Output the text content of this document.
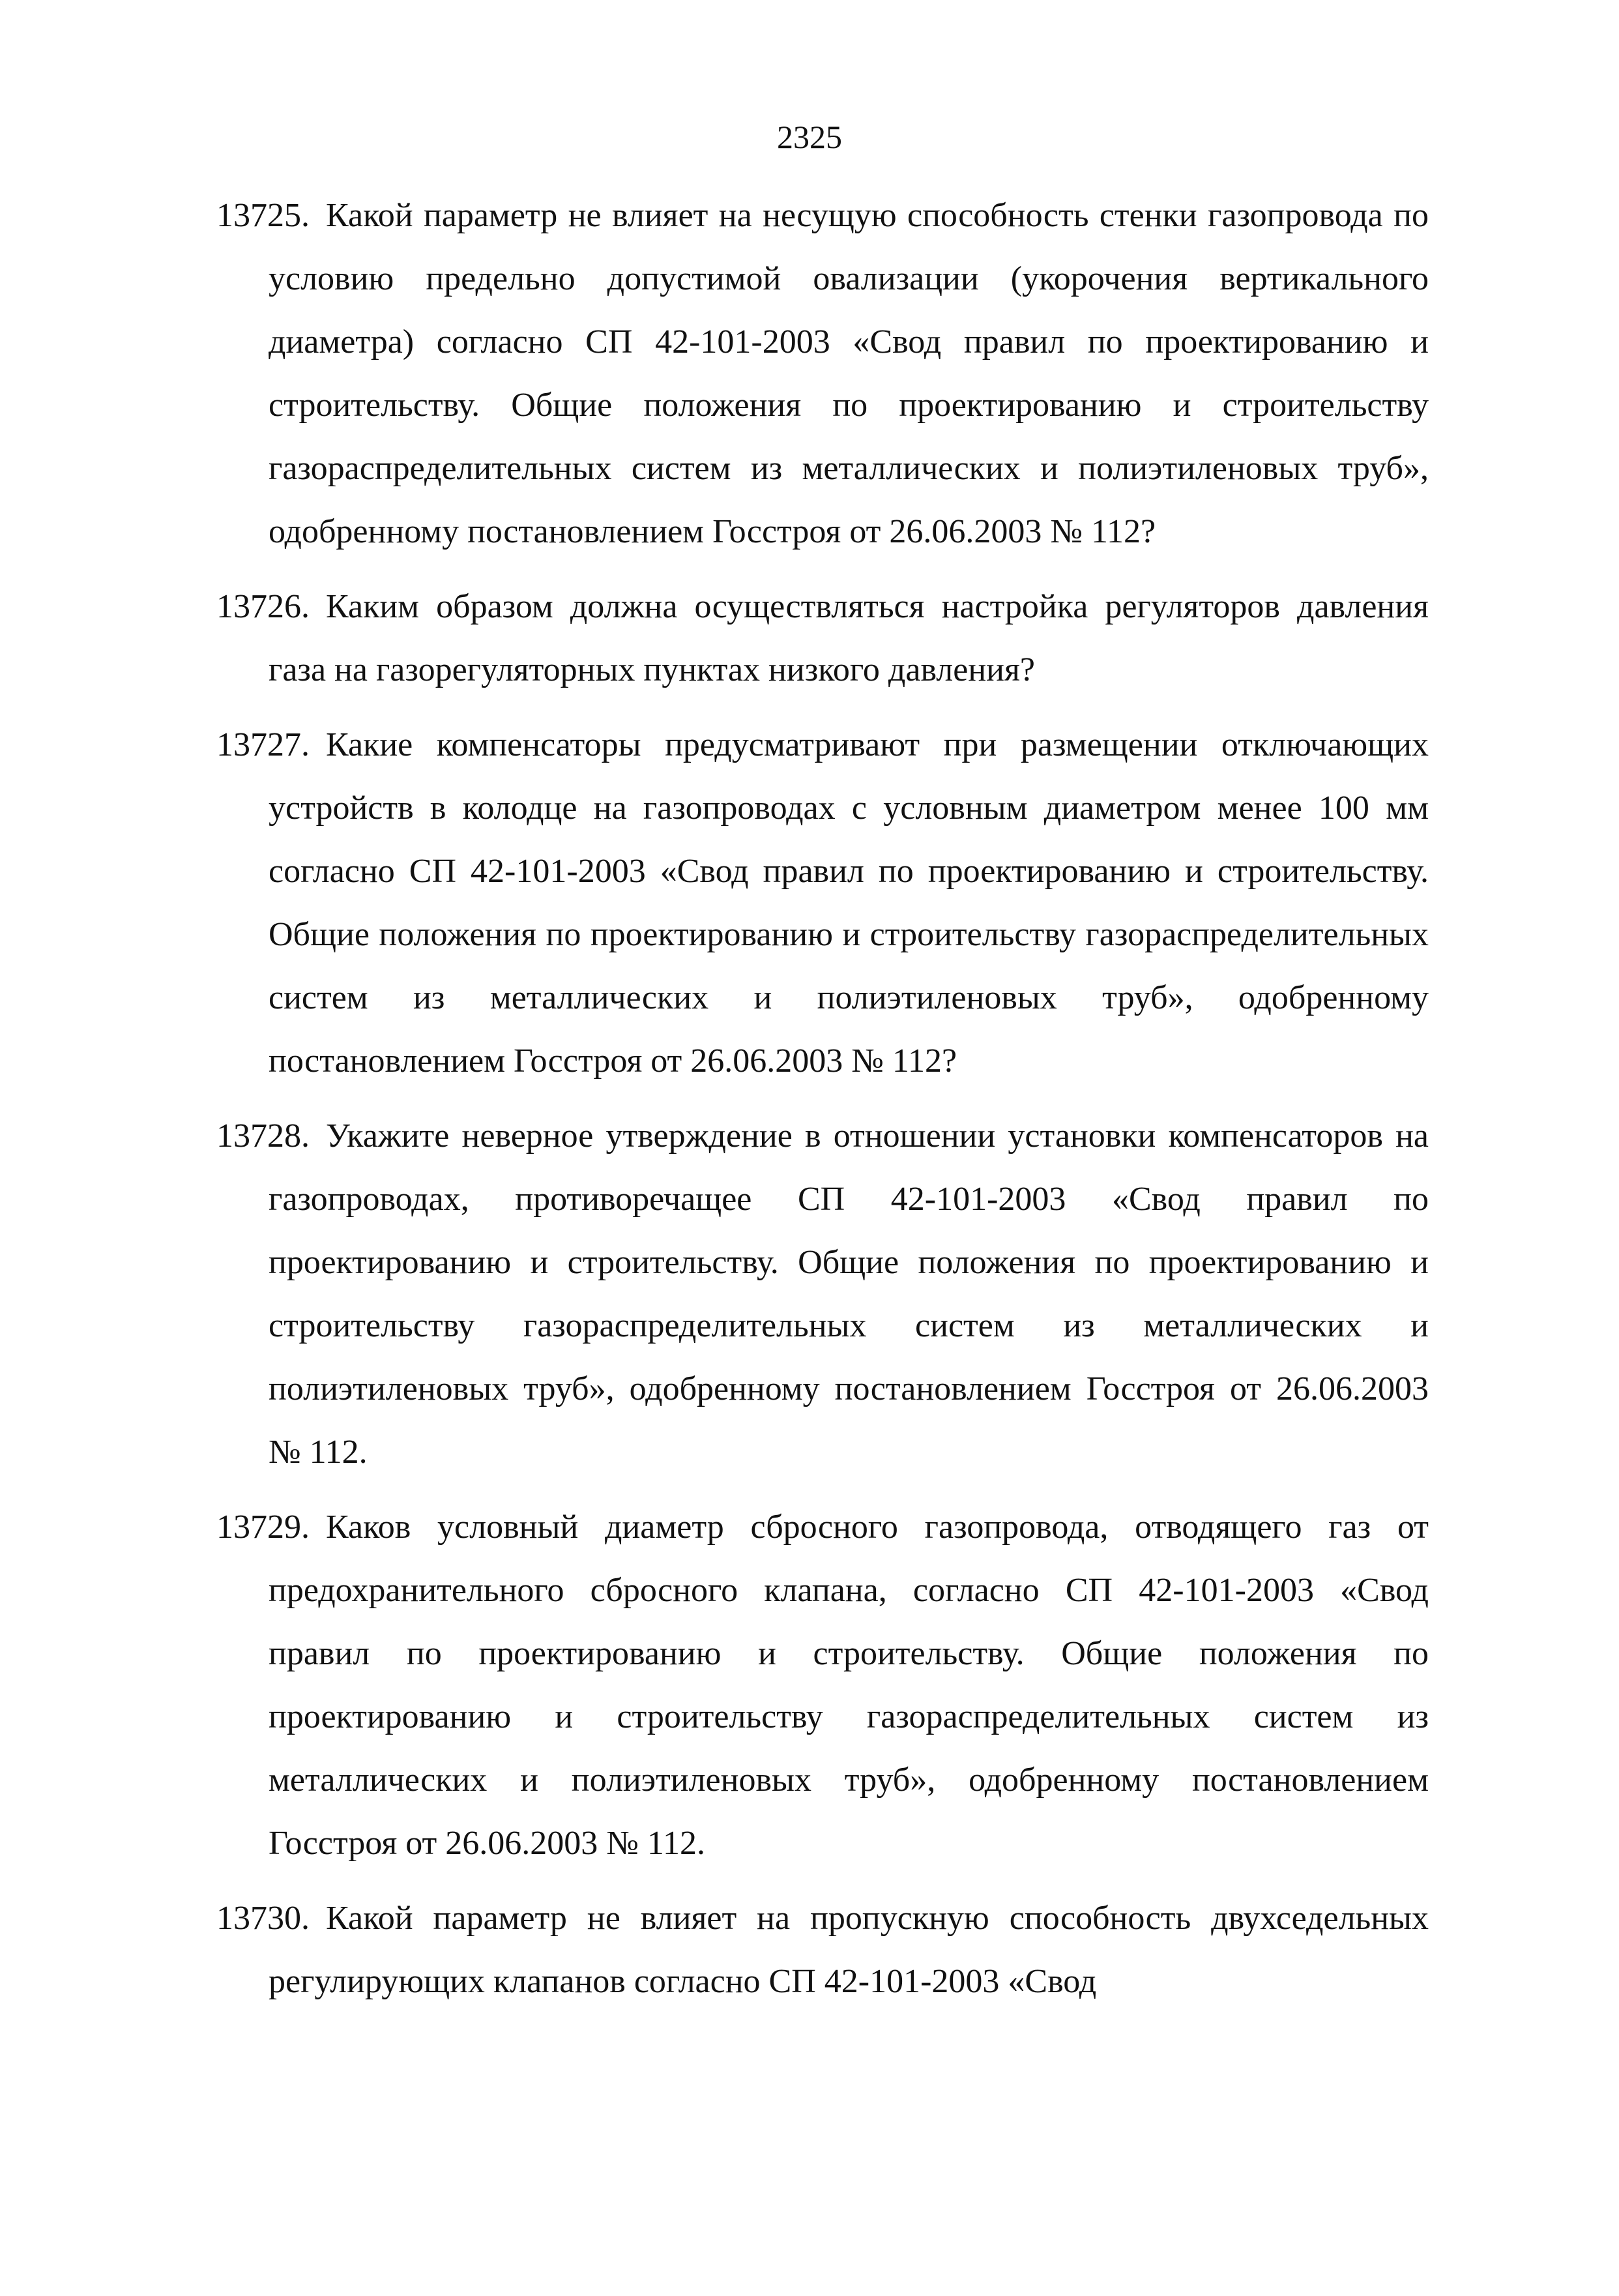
2325
13725. Какой параметр не влияет на несущую способность стенки газопровода по условию предельно допустимой овализации (укорочения вертикального диаметра) согласно СП 42-101-2003 «Свод правил по проектированию и строительству. Общие положения по проектированию и строительству газораспределительных систем из металлических и полиэтиленовых труб», одобренному постановлением Госстроя от 26.06.2003 № 112?
13726. Каким образом должна осуществляться настройка регуляторов давления газа на газорегуляторных пунктах низкого давления?
13727. Какие компенсаторы предусматривают при размещении отключающих устройств в колодце на газопроводах с условным диаметром менее 100 мм согласно СП 42-101-2003 «Свод правил по проектированию и строительству. Общие положения по проектированию и строительству газораспределительных систем из металлических и полиэтиленовых труб», одобренному постановлением Госстроя от 26.06.2003 № 112?
13728. Укажите неверное утверждение в отношении установки компенсаторов на газопроводах, противоречащее СП 42-101-2003 «Свод правил по проектированию и строительству. Общие положения по проектированию и строительству газораспределительных систем из металлических и полиэтиленовых труб», одобренному постановлением Госстроя от 26.06.2003 № 112.
13729. Каков условный диаметр сбросного газопровода, отводящего газ от предохранительного сбросного клапана, согласно СП 42-101-2003 «Свод правил по проектированию и строительству. Общие положения по проектированию и строительству газораспределительных систем из металлических и полиэтиленовых труб», одобренному постановлением Госстроя от 26.06.2003 № 112.
13730. Какой параметр не влияет на пропускную способность двухседельных регулирующих клапанов согласно СП 42-101-2003 «Свод
